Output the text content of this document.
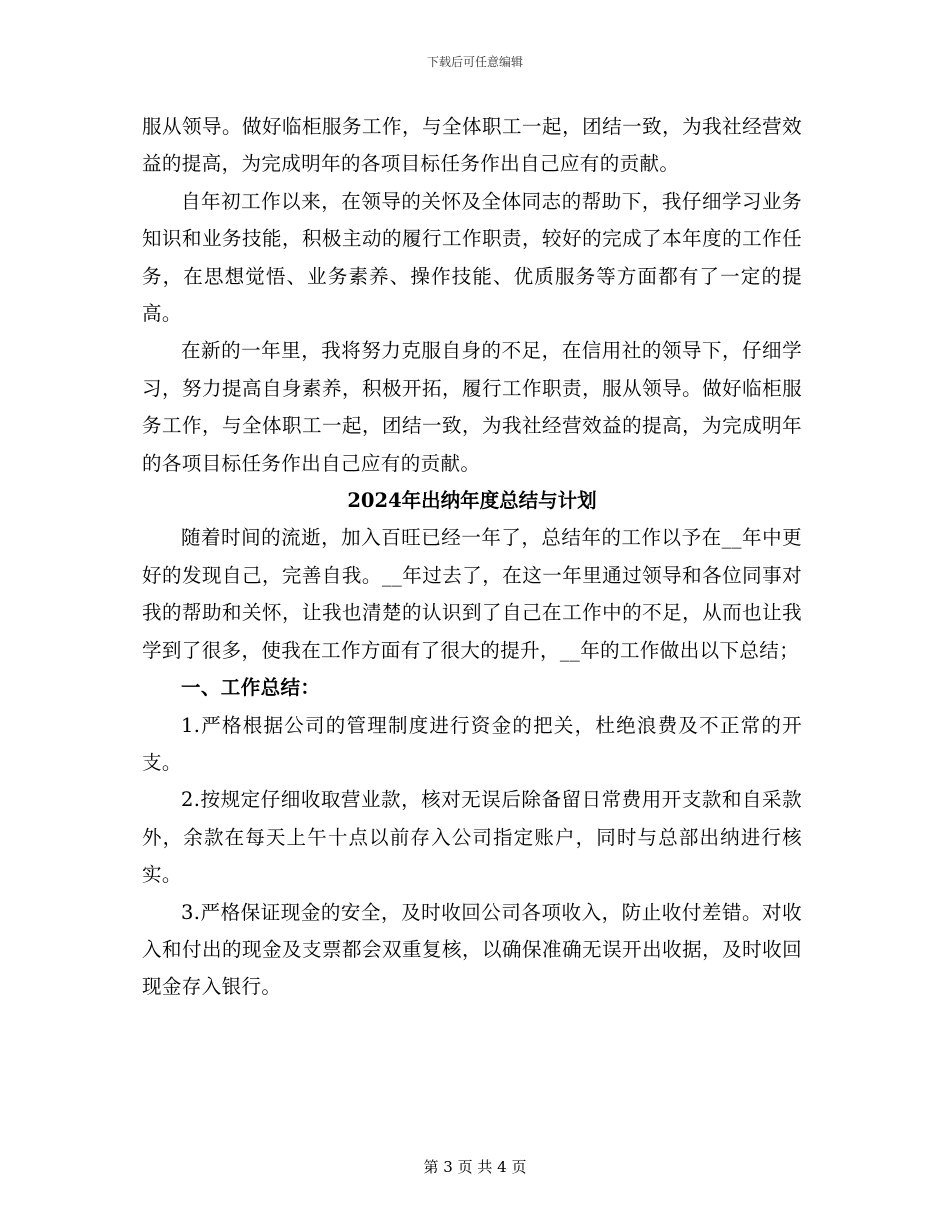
下载后可任意编辑

服从领导。做好临柜服务工作，与全体职工一起，团结一致，为我社经营效益的提高，为完成明年的各项目标任务作出自己应有的贡献。

自年初工作以来，在领导的关怀及全体同志的帮助下，我仔细学习业务知识和业务技能，积极主动的履行工作职责，较好的完成了本年度的工作任务，在思想觉悟、业务素养、操作技能、优质服务等方面都有了一定的提高。

在新的一年里，我将努力克服自身的不足，在信用社的领导下，仔细学习，努力提高自身素养，积极开拓，履行工作职责，服从领导。做好临柜服务工作，与全体职工一起，团结一致，为我社经营效益的提高，为完成明年的各项目标任务作出自己应有的贡献。

2024年出纳年度总结与计划

随着时间的流逝，加入百旺已经一年了，总结年的工作以予在__年中更好的发现自己，完善自我。__年过去了，在这一年里通过领导和各位同事对我的帮助和关怀，让我也清楚的认识到了自己在工作中的不足，从而也让我学到了很多，使我在工作方面有了很大的提升，__年的工作做出以下总结；

一、工作总结：

1.严格根据公司的管理制度进行资金的把关，杜绝浪费及不正常的开支。

2.按规定仔细收取营业款，核对无误后除备留日常费用开支款和自采款外，余款在每天上午十点以前存入公司指定账户，同时与总部出纳进行核实。

3.严格保证现金的安全，及时收回公司各项收入，防止收付差错。对收入和付出的现金及支票都会双重复核，以确保准确无误开出收据，及时收回现金存入银行。

第 3 页 共 4 页
